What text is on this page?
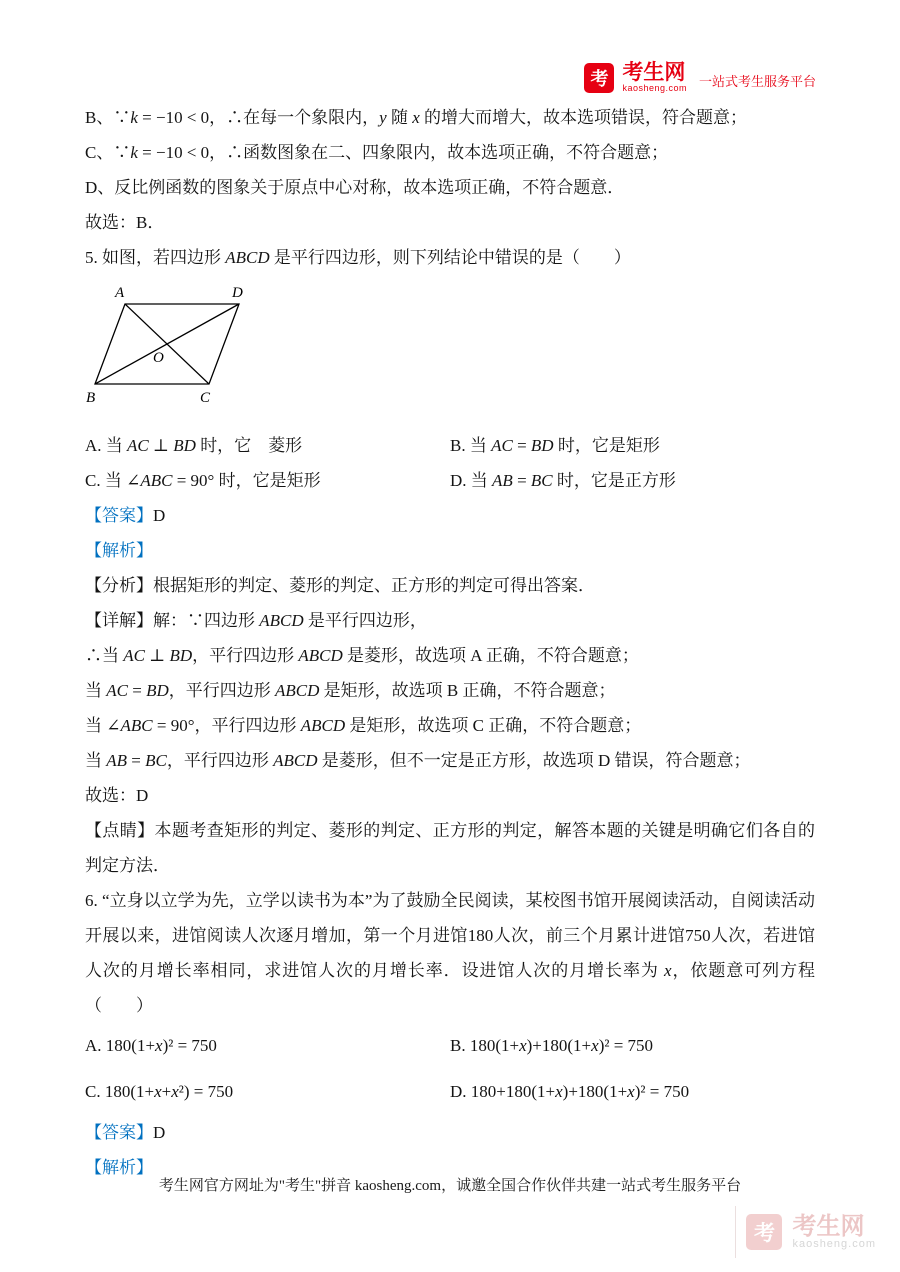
考 考生网
kaosheng.com 一站式考生服务平台
B、∵k = −10 < 0，∴在每一个象限内，y 随 x 的增大而增大，故本选项错误，符合题意；
C、∵k = −10 < 0，∴函数图象在二、四象限内，故本选项正确，不符合题意；
D、反比例函数的图象关于原点中心对称，故本选项正确，不符合题意．
故选：B．
5. 如图，若四边形 ABCD 是平行四边形，则下列结论中错误的是（　　）
A	D
B	C
O
A. 当 AC ⊥ BD 时，它　菱形	B. 当 AC = BD 时，它是矩形
C. 当 ∠ABC = 90° 时，它是矩形	D. 当 AB = BC 时，它是正方形
【答案】D
【解析】
【分析】根据矩形的判定、菱形的判定、正方形的判定可得出答案．
【详解】解：∵四边形 ABCD 是平行四边形，
∴当 AC ⊥ BD，平行四边形 ABCD 是菱形，故选项 A 正确，不符合题意；
当 AC = BD，平行四边形 ABCD 是矩形，故选项 B 正确，不符合题意；
当 ∠ABC = 90°，平行四边形 ABCD 是矩形，故选项 C 正确，不符合题意；
当 AB = BC，平行四边形 ABCD 是菱形，但不一定是正方形，故选项 D 错误，符合题意；
故选：D
【点睛】本题考查矩形的判定、菱形的判定、正方形的判定，解答本题的关键是明确它们各自的判定方法．
6. “立身以立学为先，立学以读书为本”为了鼓励全民阅读，某校图书馆开展阅读活动，自阅读活动开展以来，进馆阅读人次逐月增加，第一个月进馆180人次，前三个月累计进馆750人次，若进馆人次的月增长率相同，求进馆人次的月增长率．设进馆人次的月增长率为 x，依题意可列方程（　　）
A. 180(1+x)² = 750	B. 180(1+x)+180(1+x)² = 750
C. 180(1+x+x²) = 750	D. 180+180(1+x)+180(1+x)² = 750
【答案】D
【解析】
考生网官方网址为"考生"拼音 kaosheng.com，诚邀全国合作伙伴共建一站式考生服务平台
考 考生网
kaosheng.com
